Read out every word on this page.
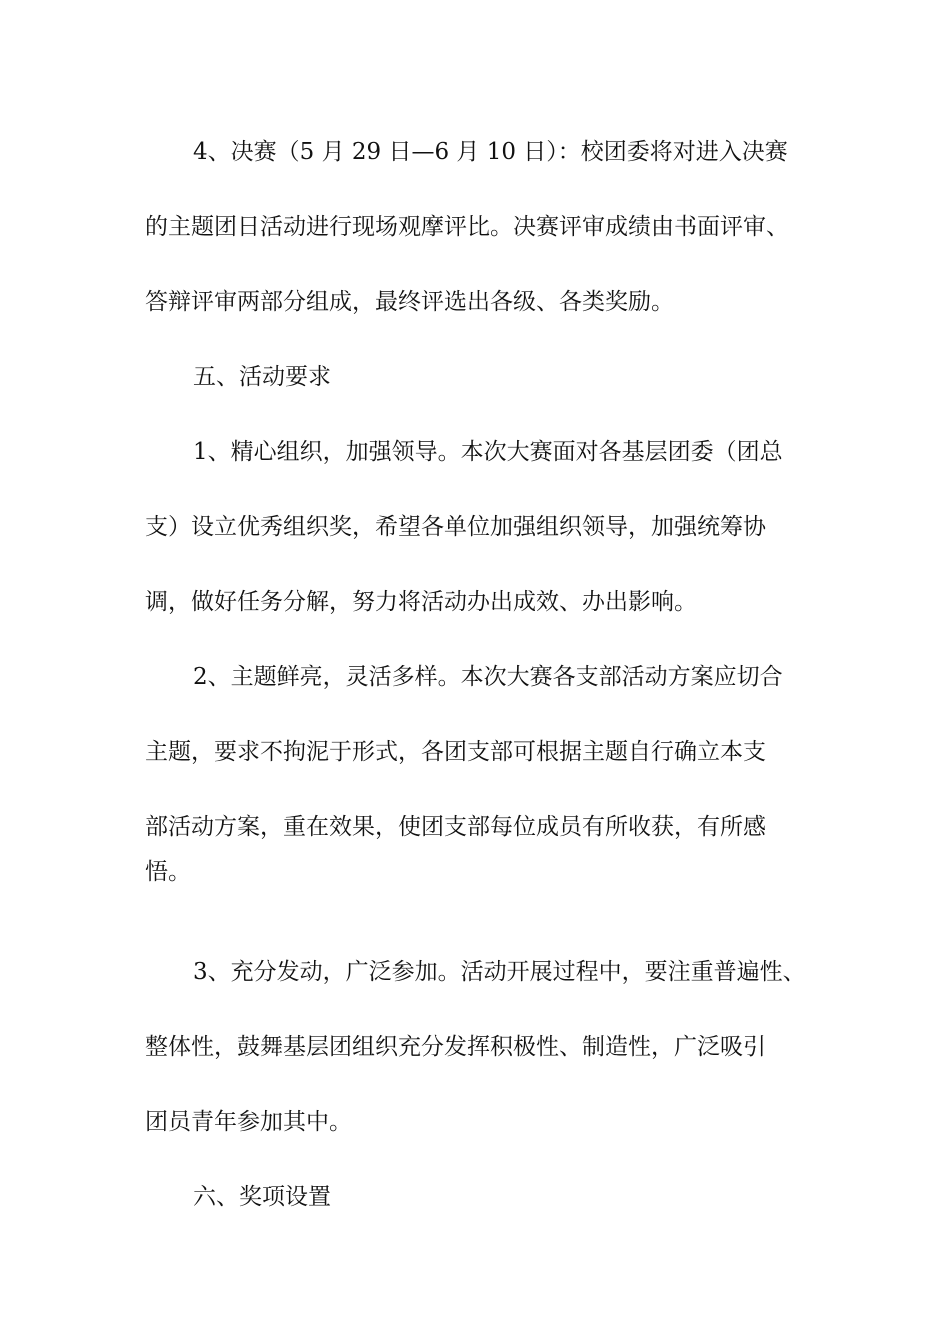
4、决赛（5 月 29 日—6 月 10 日）：校团委将对进入决赛
的主题团日活动进行现场观摩评比。决赛评审成绩由书面评审、
答辩评审两部分组成，最终评选出各级、各类奖励。
五、活动要求
1、精心组织，加强领导。本次大赛面对各基层团委（团总
支）设立优秀组织奖，希望各单位加强组织领导，加强统筹协
调，做好任务分解，努力将活动办出成效、办出影响。
2、主题鲜亮，灵活多样。本次大赛各支部活动方案应切合
主题，要求不拘泥于形式，各团支部可根据主题自行确立本支
部活动方案，重在效果，使团支部每位成员有所收获，有所感
悟。
3、充分发动，广泛参加。活动开展过程中，要注重普遍性、
整体性，鼓舞基层团组织充分发挥积极性、制造性，广泛吸引
团员青年参加其中。
六、奖项设置
